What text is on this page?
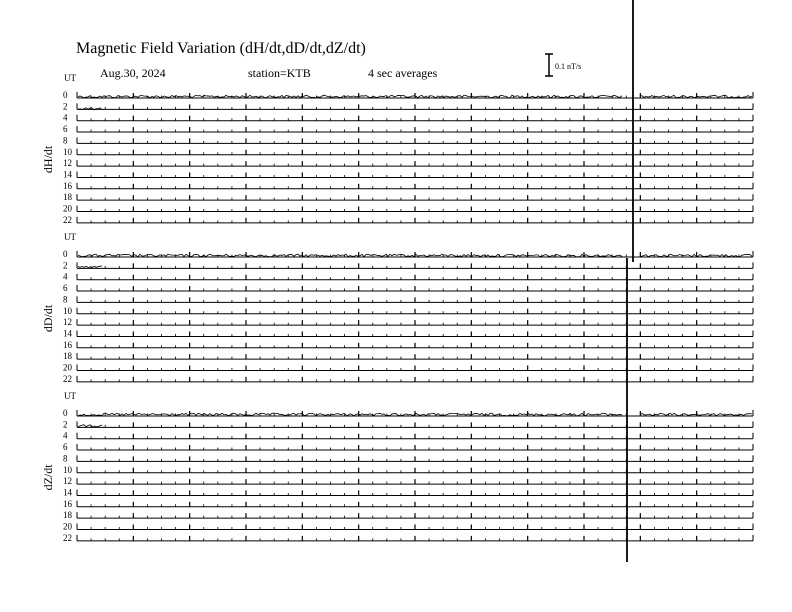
Magnetic Field Variation (dH/dt,dD/dt,dZ/dt)
Aug.30, 2024	station=KTB	4 sec averages	0.1 nT/s
UT
dH/dt
0
2
4
6
8
10
12
14
16
18
20
22
UT
dD/dt
0
2
4
6
8
10
12
14
16
18
20
22
UT
dZ/dt
0
2
4
6
8
10
12
14
16
18
20
22
